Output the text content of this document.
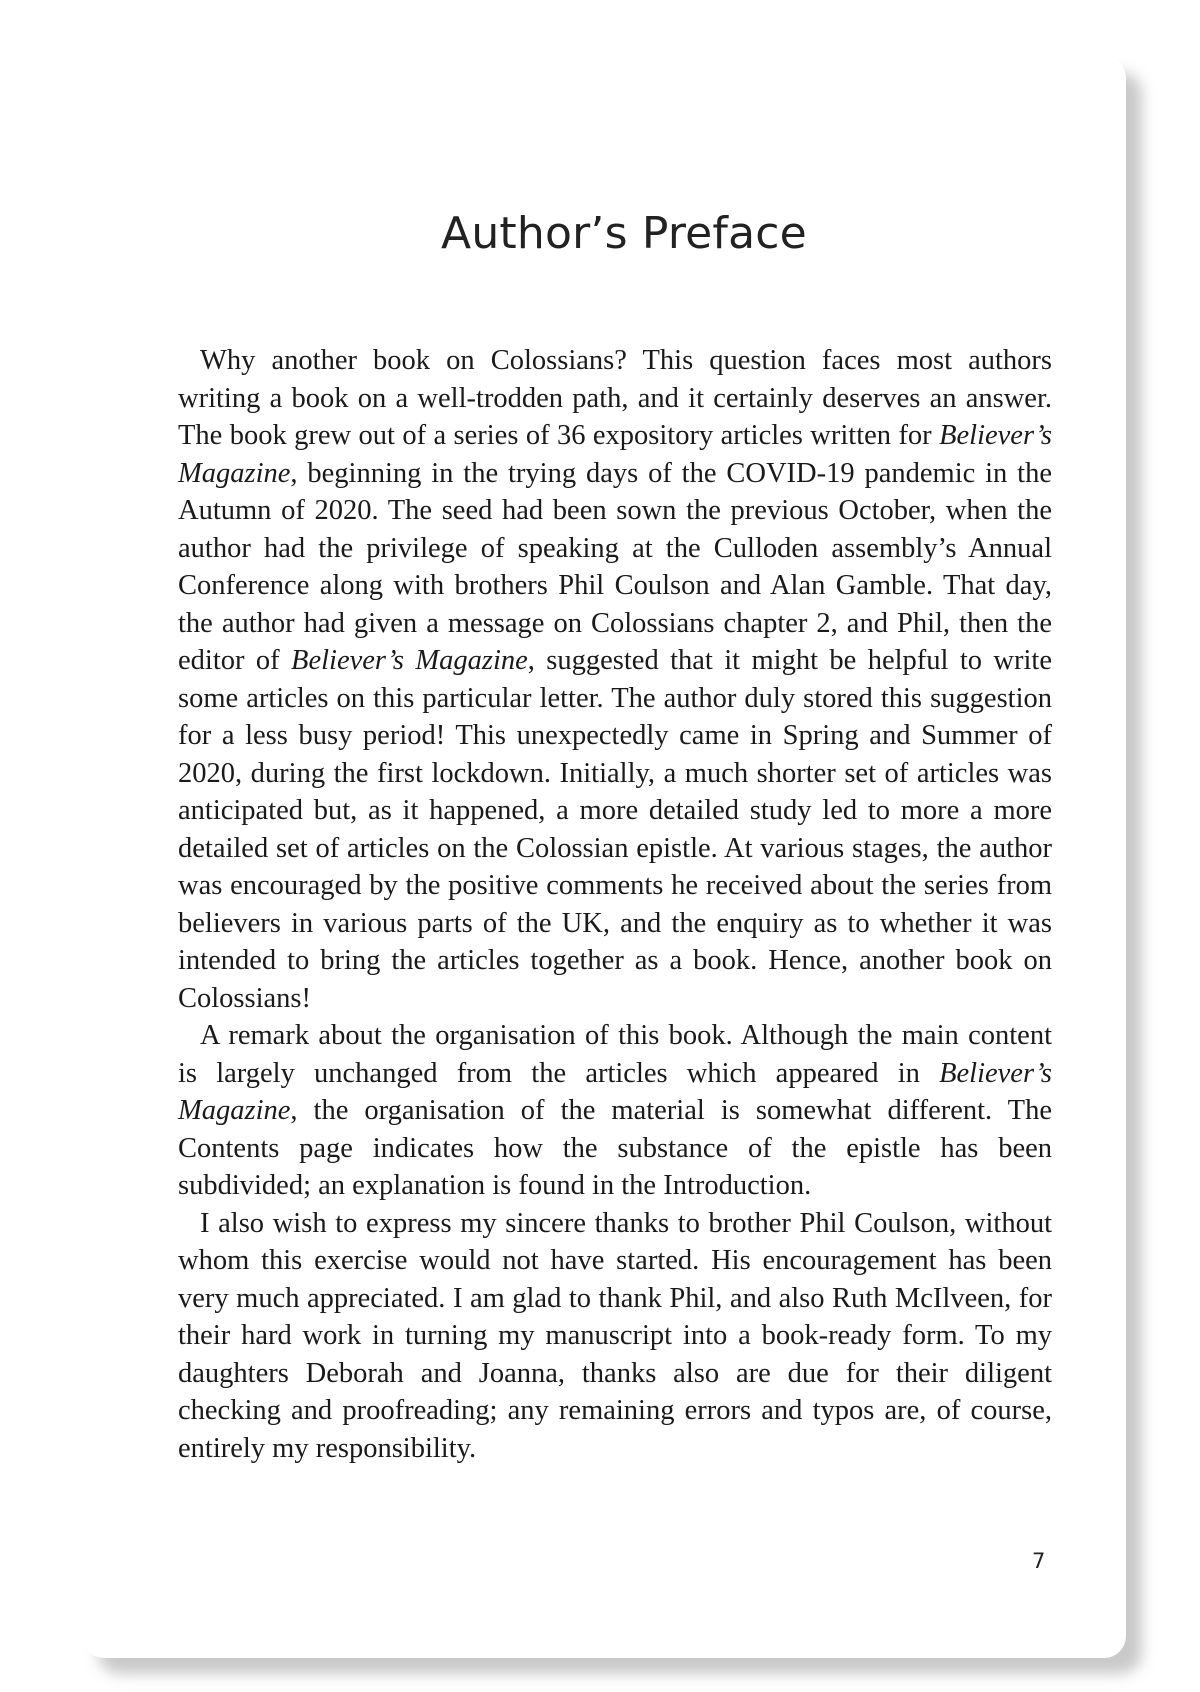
Author’s Preface

Why another book on Colossians? This question faces most authors writing a book on a well-trodden path, and it certainly deserves an answer. The book grew out of a series of 36 expository articles written for Believer’s Magazine, beginning in the trying days of the COVID-19 pandemic in the Autumn of 2020. The seed had been sown the previous October, when the author had the privilege of speaking at the Culloden assembly’s Annual Conference along with brothers Phil Coulson and Alan Gamble. That day, the author had given a message on Colossians chapter 2, and Phil, then the editor of Believer’s Magazine, suggested that it might be helpful to write some articles on this particular letter. The author duly stored this suggestion for a less busy period! This unexpectedly came in Spring and Summer of 2020, during the first lockdown. Initially, a much shorter set of articles was anticipated but, as it happened, a more detailed study led to more a more detailed set of articles on the Colossian epistle. At various stages, the author was encouraged by the positive comments he received about the series from believers in various parts of the UK, and the enquiry as to whether it was intended to bring the articles together as a book. Hence, another book on Colossians!

A remark about the organisation of this book. Although the main content is largely unchanged from the articles which appeared in Believer’s Magazine, the organisation of the material is somewhat different. The Contents page indicates how the substance of the epistle has been subdivided; an explanation is found in the Introduction.

I also wish to express my sincere thanks to brother Phil Coulson, without whom this exercise would not have started. His encouragement has been very much appreciated. I am glad to thank Phil, and also Ruth McIlveen, for their hard work in turning my manuscript into a book-ready form. To my daughters Deborah and Joanna, thanks also are due for their diligent checking and proofreading; any remaining errors and typos are, of course, entirely my responsibility.

7
